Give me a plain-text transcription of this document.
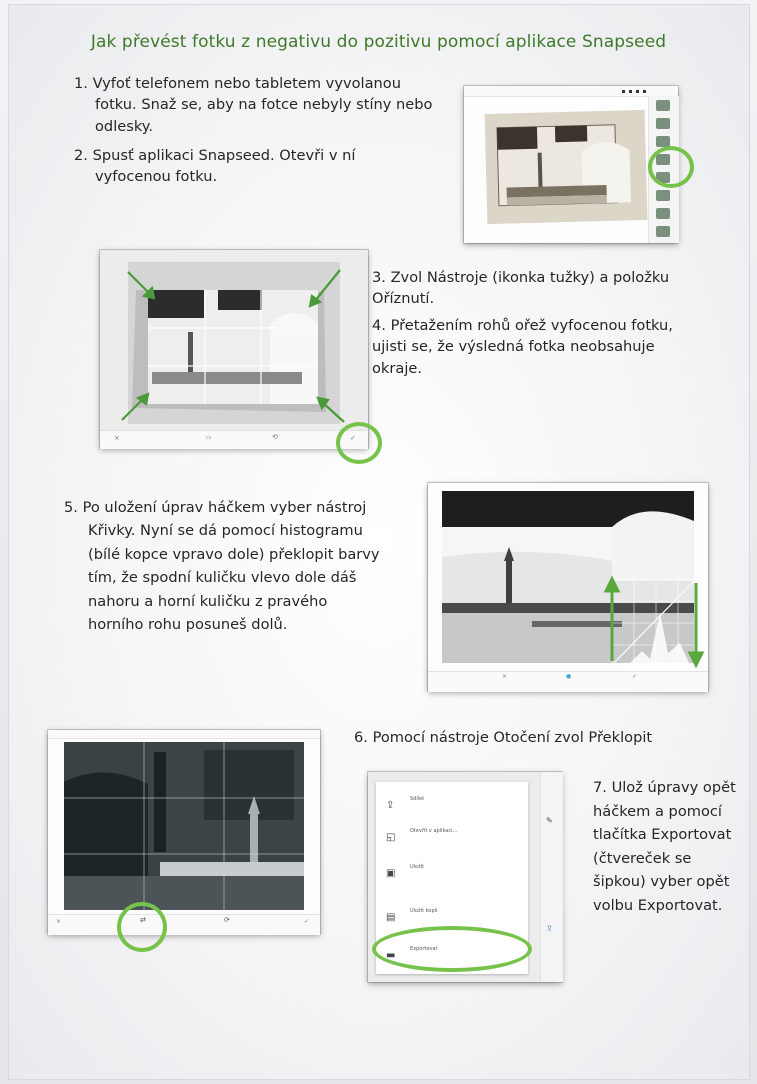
Jak převést fotku z negativu do pozitivu pomocí aplikace Snapseed

1. Vyfoť telefonem nebo tabletem vyvolanou

fotku. Snaž se, aby na fotce nebyly stíny nebo

odlesky.

2. Spusť aplikaci Snapseed. Otevři v ní

vyfocenou fotku.

×	▭	⟲	✓

3. Zvol Nástroje (ikonka tužky) a položku

Oříznutí.

4. Přetažením rohů ořež vyfocenou fotku,

ujisti se, že výsledná fotka neobsahuje

okraje.

5. Po uložení úprav háčkem vyber nástroj

Křivky. Nyní se dá pomocí histogramu

(bílé kopce vpravo dole) překlopit barvy

tím, že spodní kuličku vlevo dole dáš

nahoru a horní kuličku z pravého

horního rohu posuneš dolů.

×	●	✓
×	⇄	⟳	✓
6. Pomocí nástroje Otočení zvol Překlopit
⇪
Sdílet
◱
Otevřít v aplikaci...
▣
Uložit
▤
Uložit kopii
▬
Exportovat
✎
⇪

7. Ulož úpravy opět

háčkem a pomocí

tlačítka Exportovat

(čtvereček se

šipkou) vyber opět

volbu Exportovat.
